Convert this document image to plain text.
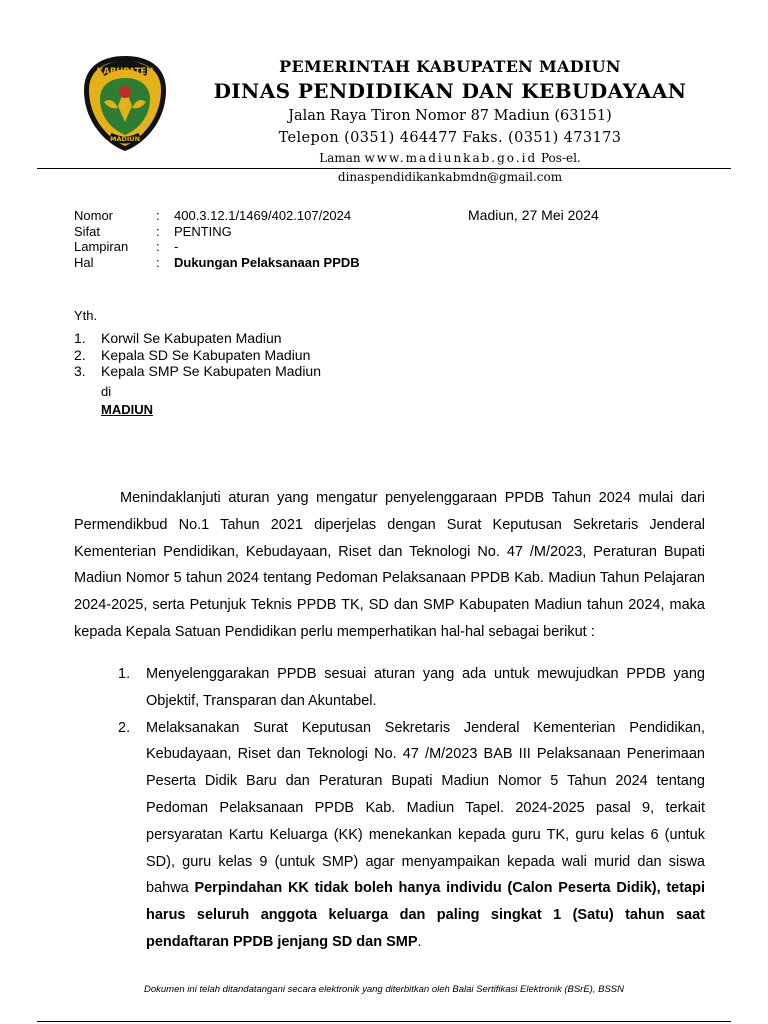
KABUPATEN
MADIUN
PEMERINTAH KABUPATEN MADIUN
DINAS PENDIDIKAN DAN KEBUDAYAAN
Jalan Raya Tiron Nomor 87 Madiun (63151)
Telepon (0351) 464477 Faks. (0351) 473173
Laman www.madiunkab.go.id Pos-el.
dinaspendidikankabmdn@gmail.com
Nomor	:	400.3.12.1/1469/402.107/2024
Sifat	:	PENTING
Lampiran	:	-
Hal	:	Dukungan Pelaksanaan PPDB
Madiun, 27 Mei 2024
Yth.
1.	Korwil Se Kabupaten Madiun
2.	Kepala SD Se Kabupaten Madiun
3.	Kepala SMP Se Kabupaten Madiun
di
MADIUN
Menindaklanjuti aturan yang mengatur penyelenggaraan PPDB Tahun 2024 mulai dari Permendikbud No.1 Tahun 2021 diperjelas dengan Surat Keputusan Sekretaris Jenderal Kementerian Pendidikan, Kebudayaan, Riset dan Teknologi No. 47 /M/2023, Peraturan Bupati Madiun Nomor 5 tahun 2024 tentang Pedoman Pelaksanaan PPDB Kab. Madiun Tahun Pelajaran 2024-2025, serta Petunjuk Teknis PPDB TK, SD dan SMP Kabupaten Madiun tahun 2024, maka kepada Kepala Satuan Pendidikan perlu memperhatikan hal-hal sebagai berikut :
1.	Menyelenggarakan PPDB sesuai aturan yang ada untuk mewujudkan PPDB yang Objektif, Transparan dan Akuntabel.
2.	Melaksanakan Surat Keputusan Sekretaris Jenderal Kementerian Pendidikan, Kebudayaan, Riset dan Teknologi No. 47 /M/2023 BAB III Pelaksanaan Penerimaan Peserta Didik Baru dan Peraturan Bupati Madiun Nomor 5 Tahun 2024 tentang Pedoman Pelaksanaan PPDB Kab. Madiun Tapel. 2024-2025 pasal 9, terkait persyaratan Kartu Keluarga (KK) menekankan kepada guru TK, guru kelas 6 (untuk SD), guru kelas 9 (untuk SMP) agar menyampaikan kepada wali murid dan siswa bahwa Perpindahan KK tidak boleh hanya individu (Calon Peserta Didik), tetapi harus seluruh anggota keluarga dan paling singkat 1 (Satu) tahun saat pendaftaran PPDB jenjang SD dan SMP.
Dokumen ini telah ditandatangani secara elektronik yang diterbitkan oleh Balai Sertifikasi Elektronik (BSrE), BSSN
